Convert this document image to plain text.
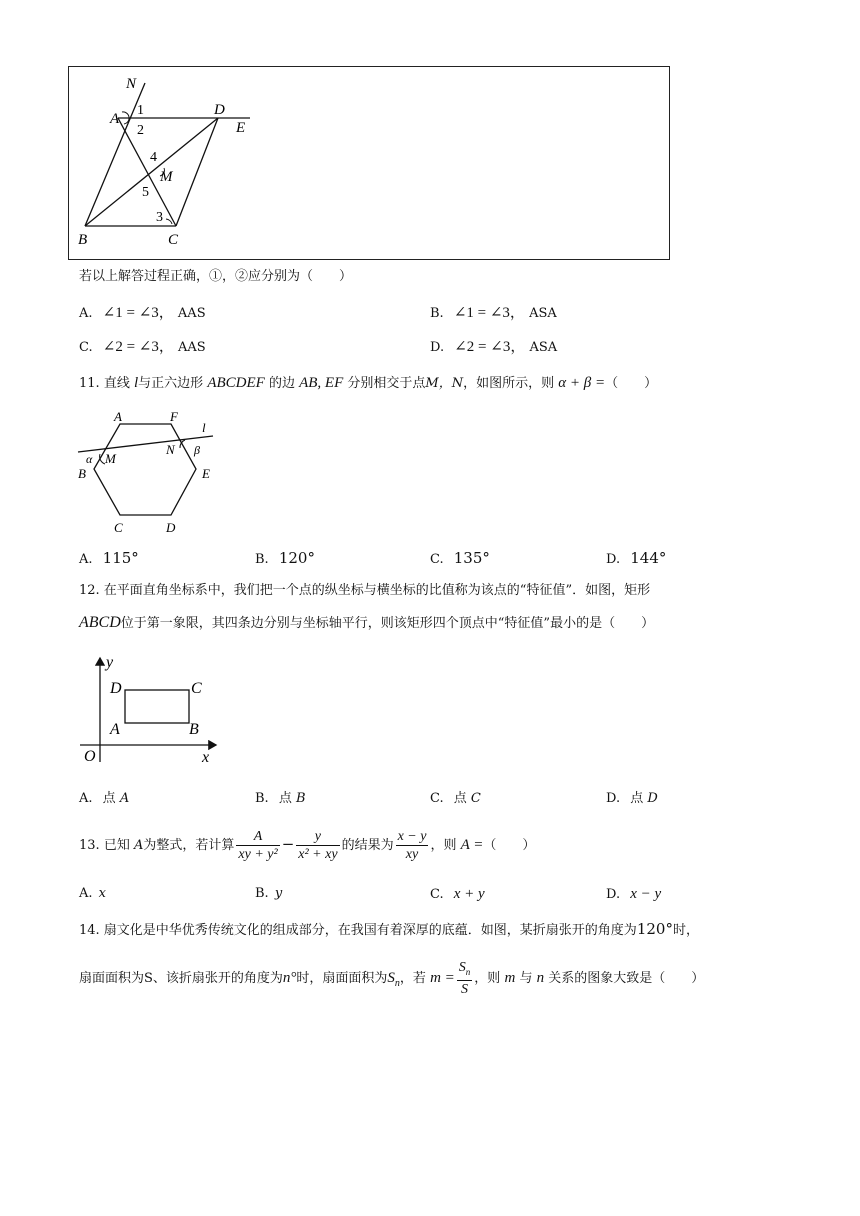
N
A
1
2
D
E
4
M
5
3
B	C
若以上解答过程正确，①，②应分别为（　　）
A. ∠1 = ∠3， AAS	B. ∠1 = ∠3， ASA
C. ∠2 = ∠3， AAS	D. ∠2 = ∠3， ASA
11. 直线 l与正六边形 ABCDEF 的边 AB, EF 分别相交于点M，N，如图所示，则 α + β =（　　）
A	F
l
α M
N β
B	E
C	D
A. 115°	B. 120°	C. 135°	D. 144°
12. 在平面直角坐标系中，我们把一个点的纵坐标与横坐标的比值称为该点的“特征值”．如图，矩形
ABCD位于第一象限，其四条边分别与坐标轴平行，则该矩形四个顶点中“特征值”最小的是（　　）
y
x
O
D	C
A	B
A. 点 A	B. 点 B	C. 点 C	D. 点 D
13. 已知 A为整式，若计算 $\frac{A}{\text{xy + y²}} - \frac{y}{\text{x² + xy}}$ 的结果为 $\frac{x - y}{xy}$ ，则 A =（　　）
A. x	B. y	C. x + y	D. x − y
14. 扇文化是中华优秀传统文化的组成部分，在我国有着深厚的底蕴．如图，某折扇张开的角度为120°时，
扇面面积为S、该折扇张开的角度为n°时，扇面面积为$S_n$，若 $m = \frac{S_n}{S}$ ，则 m 与 n 关系的图象大致是（　　）
